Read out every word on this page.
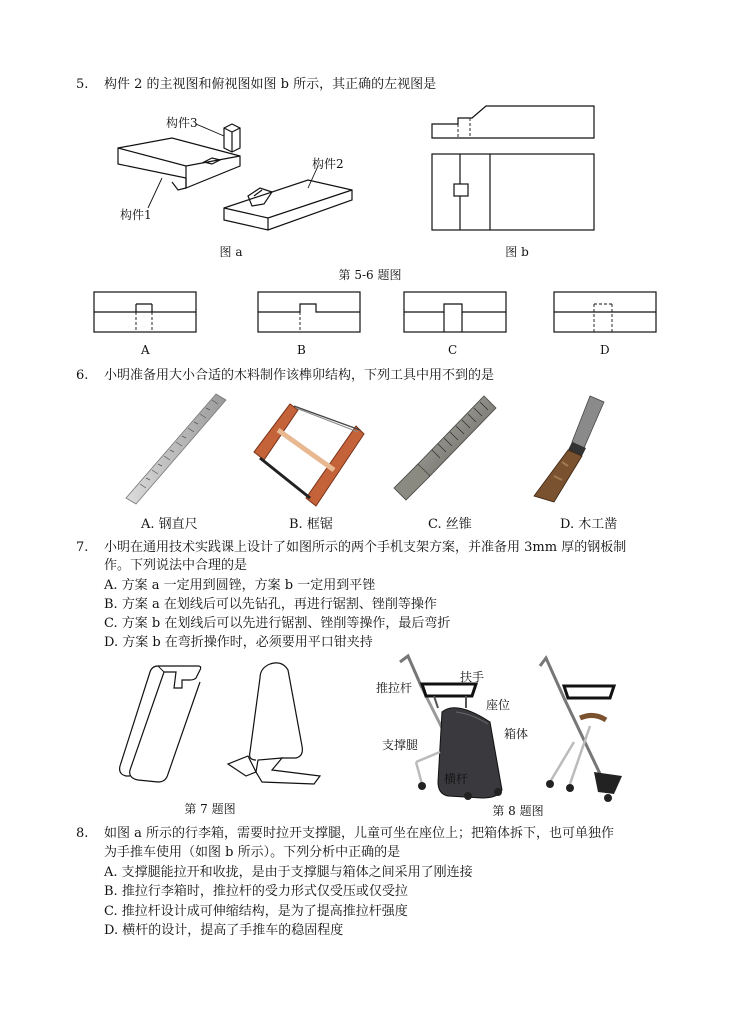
5. 构件 2 的主视图和俯视图如图 b 所示，其正确的左视图是
构件3
构件2
构件1
图 a	图 b
第 5-6 题图
A	B	C	D
6. 小明准备用大小合适的木料制作该榫卯结构，下列工具中用不到的是
A. 钢直尺	B. 框锯	C. 丝锥	D. 木工凿
7. 小明在通用技术实践课上设计了如图所示的两个手机支架方案，并准备用 3mm 厚的钢板制
作。下列说法中合理的是
A. 方案 a 一定用到圆锉，方案 b 一定用到平锉
B. 方案 a 在划线后可以先钻孔，再进行锯割、锉削等操作
C. 方案 b 在划线后可以先进行锯割、锉削等操作，最后弯折
D. 方案 b 在弯折操作时，必须要用平口钳夹持
第 7 题图
扶手
推拉杆
座位
箱体
支撑腿
横杆
第 8 题图
8. 如图 a 所示的行李箱，需要时拉开支撑腿，儿童可坐在座位上；把箱体拆下，也可单独作
为手推车使用（如图 b 所示）。下列分析中正确的是
A. 支撑腿能拉开和收拢，是由于支撑腿与箱体之间采用了刚连接
B. 推拉行李箱时，推拉杆的受力形式仅受压或仅受拉
C. 推拉杆设计成可伸缩结构，是为了提高推拉杆强度
D. 横杆的设计，提高了手推车的稳固程度
